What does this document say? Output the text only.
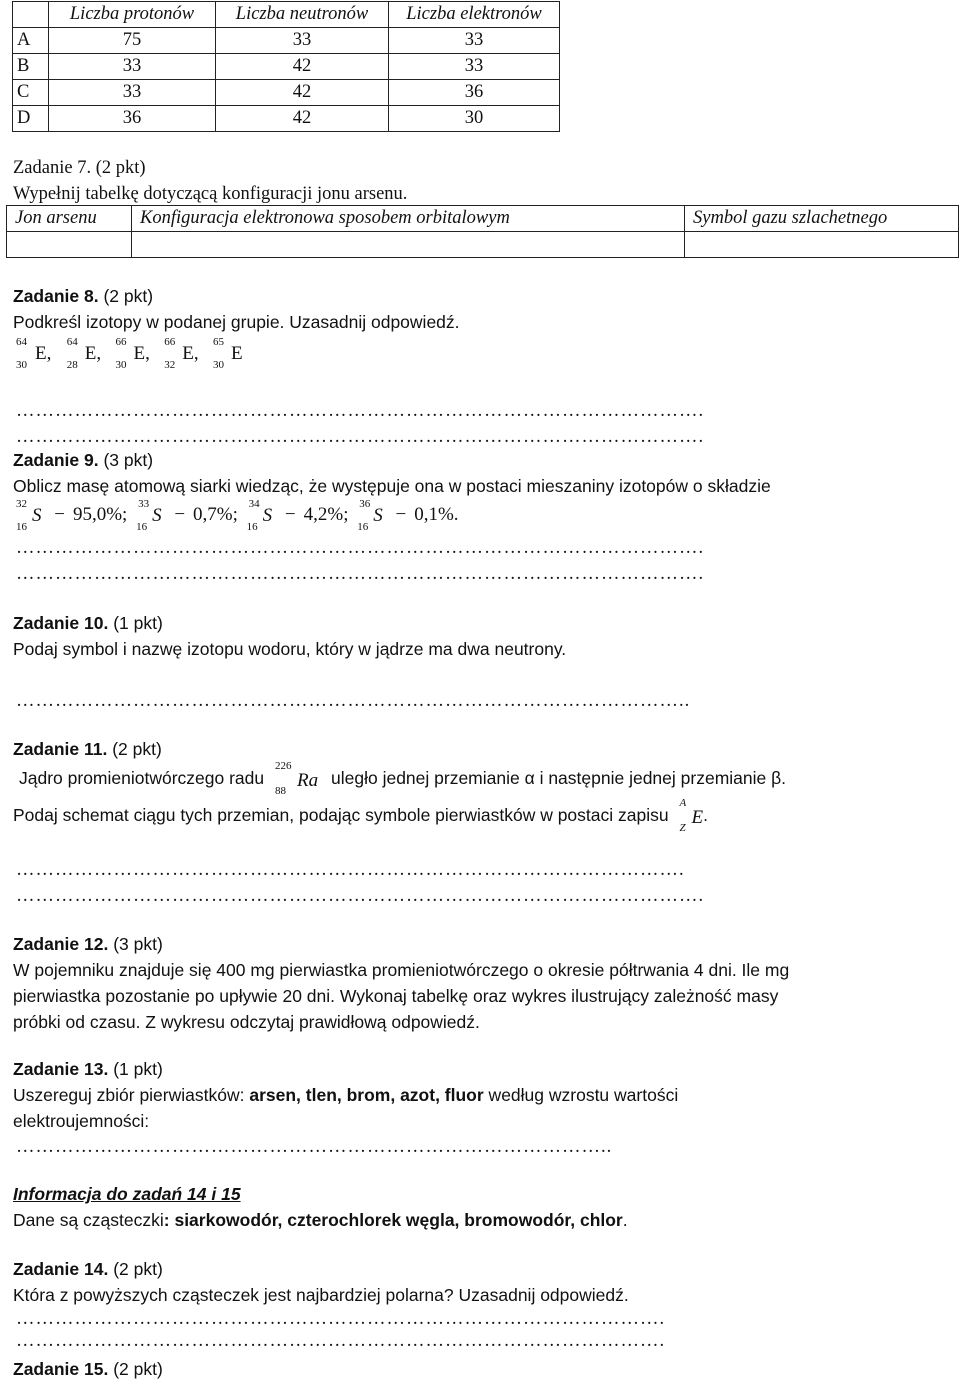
	Liczba protonów	Liczba neutronów	Liczba elektronów
A	75	33	33
B	33	42	33
C	33	42	36
D	36	42	30
Zadanie 7. (2 pkt)
Wypełnij tabelkę dotyczącą konfiguracji jonu arsenu.
Jon arsenu	Konfiguracja elektronowa sposobem orbitalowym	Symbol gazu szlachetnego

Zadanie 8. (2 pkt)
Podkreśl izotopy w podanej grupie. Uzasadnij odpowiedź.
64
30
E,
64
28
E,
66
30
E,
66
32
E,
65
30
E
…………………………………………………………………………………………….
…………………………………………………………………………………………….
Zadanie 9. (3 pkt)
Oblicz masę atomową siarki wiedząc, że występuje ona w postaci mieszaniny izotopów o składzie
32
16
S − 95,0%;
33
16
S − 0,7%;
34
16
S − 4,2%;
36
16
S − 0,1%.
…………………………………………………………………………………………….
…………………………………………………………………………………………….
Zadanie 10. (1 pkt)
Podaj symbol i nazwę izotopu wodoru, który w jądrze ma dwa neutrony.
…………………………………………………………………………………………..
Zadanie 11. (2 pkt)
Jądro promieniotwórczego radu
226
88 Ra uległo jednej przemianie α i następnie jednej przemianie β.
Podaj schemat ciągu tych przemian, podając symbole pierwiastków w postaci zapisu
A
Z E.
………………………………………………………………………………………….
…………………………………………………………………………………………….
Zadanie 12. (3 pkt)
W pojemniku znajduje się 400 mg pierwiastka promieniotwórczego o okresie półtrwania 4 dni. Ile mg
pierwiastka pozostanie po upływie 20 dni. Wykonaj tabelkę oraz wykres ilustrujący zależność masy
próbki od czasu. Z wykresu odczytaj prawidłową odpowiedź.
Zadanie 13. (1 pkt)
Uszereguj zbiór pierwiastków: arsen, tlen, brom, azot, fluor według wzrostu wartości
elektroujemności:
………………………………………………………………………………..
Informacja do zadań 14 i 15
Dane są cząsteczki: siarkowodór, czterochlorek węgla, bromowodór, chlor.
Zadanie 14. (2 pkt)
Która z powyższych cząsteczek jest najbardziej polarna? Uzasadnij odpowiedź.
……………………………………………………………………………………….
……………………………………………………………………………………….
Zadanie 15. (2 pkt)
